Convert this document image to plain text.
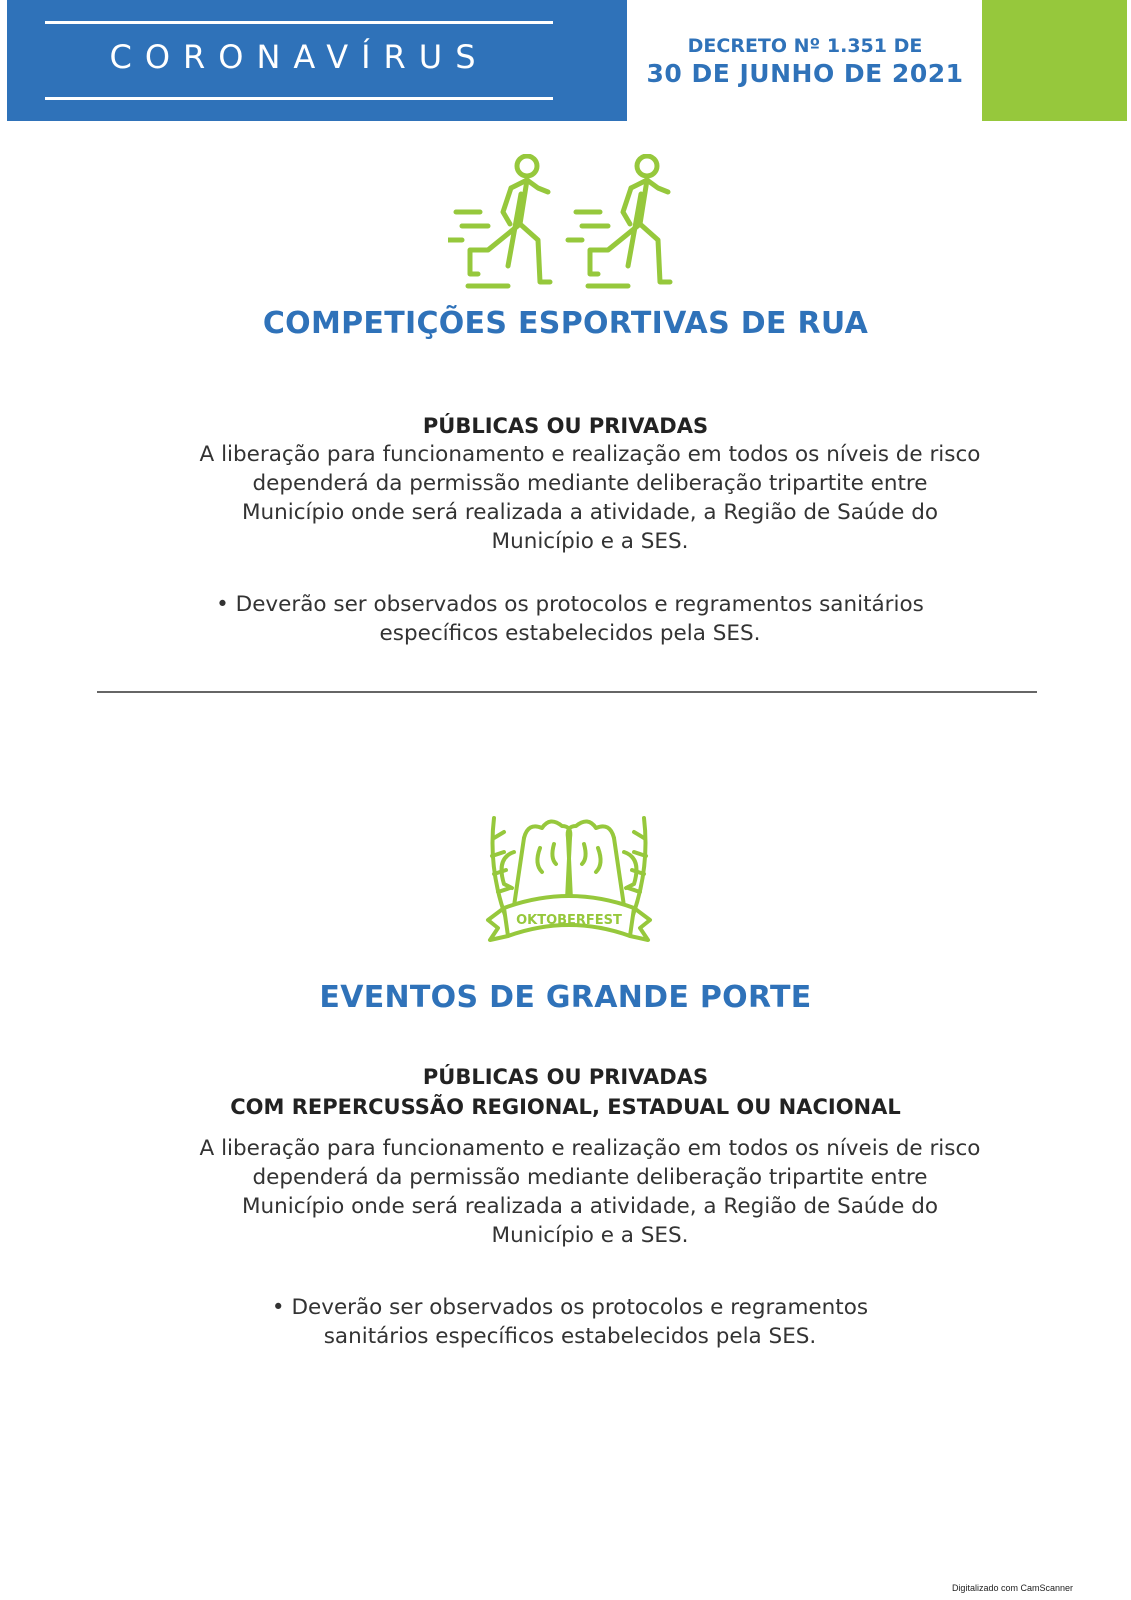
CORONAVÍRUS	DECRETO Nº 1.351 DE
30 DE JUNHO DE 2021
COMPETIÇÕES ESPORTIVAS DE RUA
PÚBLICAS OU PRIVADAS
A liberação para funcionamento e realização em todos os níveis de risco
dependerá da permissão mediante deliberação tripartite entre
Município onde será realizada a atividade, a Região de Saúde do
Município e a SES.
• Deverão ser observados os protocolos e regramentos sanitários
específicos estabelecidos pela SES.
OKTOBERFEST
EVENTOS DE GRANDE PORTE
PÚBLICAS OU PRIVADAS
COM REPERCUSSÃO REGIONAL, ESTADUAL OU NACIONAL
A liberação para funcionamento e realização em todos os níveis de risco
dependerá da permissão mediante deliberação tripartite entre
Município onde será realizada a atividade, a Região de Saúde do
Município e a SES.
• Deverão ser observados os protocolos e regramentos
sanitários específicos estabelecidos pela SES.
Digitalizado com CamScanner
